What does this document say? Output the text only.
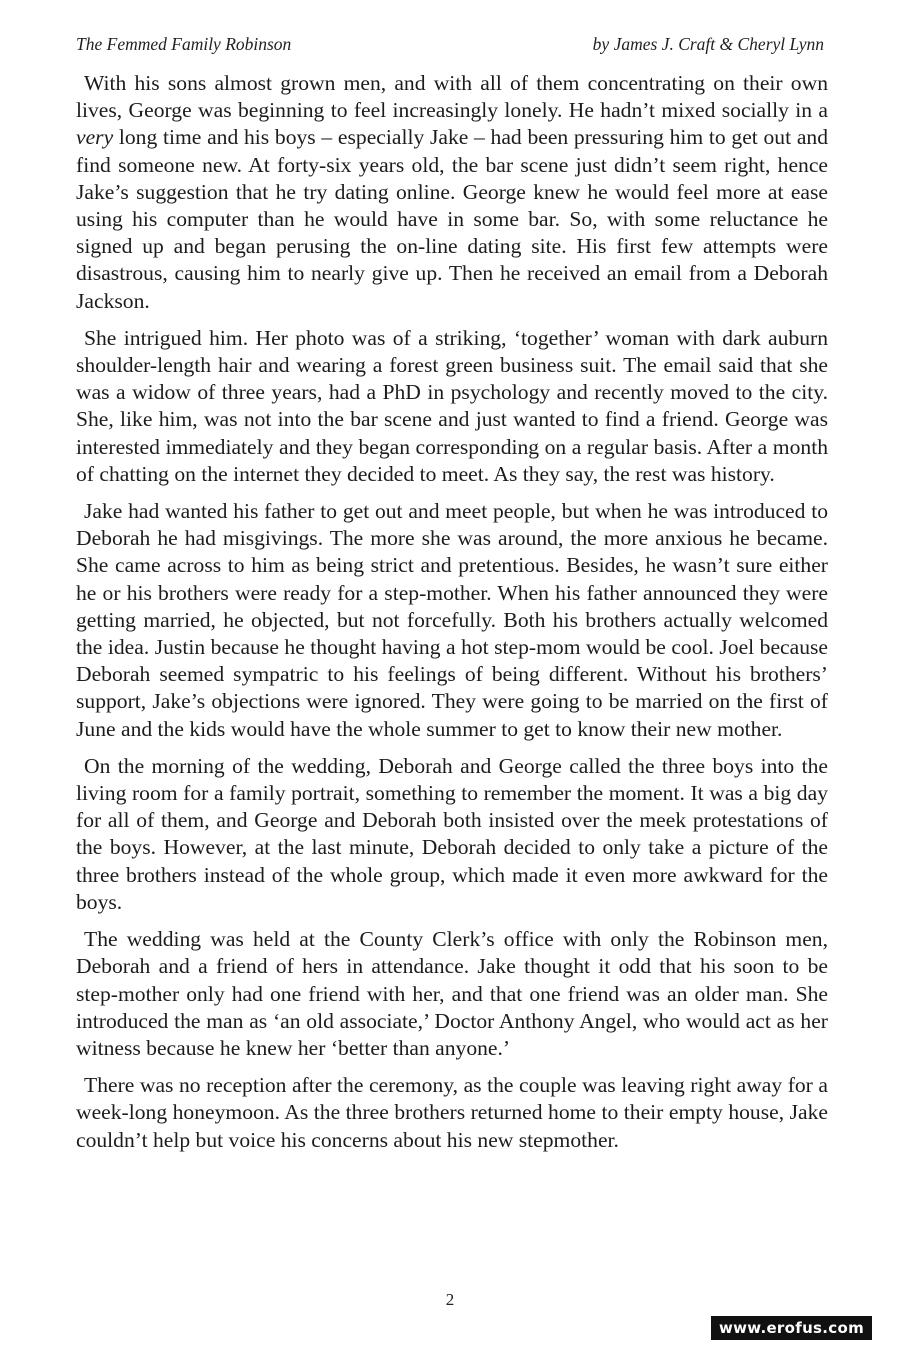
The Femmed Family Robinson	by James J. Craft & Cheryl Lynn

With his sons almost grown men, and with all of them concentrating on their own lives, George was beginning to feel increasingly lonely. He hadn’t mixed socially in a very long time and his boys – especially Jake – had been pressuring him to get out and find someone new. At forty-six years old, the bar scene just didn’t seem right, hence Jake’s suggestion that he try dating online. George knew he would feel more at ease using his computer than he would have in some bar. So, with some reluctance he signed up and began perusing the on-line dating site. His first few attempts were disastrous, causing him to nearly give up. Then he received an email from a Deborah Jackson.

She intrigued him. Her photo was of a striking, ‘together’ woman with dark auburn shoulder-length hair and wearing a forest green business suit. The email said that she was a widow of three years, had a PhD in psychology and recently moved to the city. She, like him, was not into the bar scene and just wanted to find a friend. George was interested immediately and they began corresponding on a regular basis. After a month of chatting on the internet they decided to meet. As they say, the rest was history.

Jake had wanted his father to get out and meet people, but when he was introduced to Deborah he had misgivings. The more she was around, the more anxious he became. She came across to him as being strict and pretentious. Besides, he wasn’t sure either he or his brothers were ready for a step-mother. When his father announced they were getting married, he objected, but not forcefully. Both his brothers actually welcomed the idea. Justin because he thought having a hot step-mom would be cool. Joel because Deborah seemed sympatric to his feelings of being different. Without his brothers’ support, Jake’s objections were ignored. They were going to be married on the first of June and the kids would have the whole summer to get to know their new mother.

On the morning of the wedding, Deborah and George called the three boys into the living room for a family portrait, something to remember the moment. It was a big day for all of them, and George and Deborah both insisted over the meek protestations of the boys. However, at the last minute, Deborah decided to only take a picture of the three brothers instead of the whole group, which made it even more awkward for the boys.

The wedding was held at the County Clerk’s office with only the Robinson men, Deborah and a friend of hers in attendance. Jake thought it odd that his soon to be step-mother only had one friend with her, and that one friend was an older man. She introduced the man as ‘an old associate,’ Doctor Anthony Angel, who would act as her witness because he knew her ‘better than anyone.’

There was no reception after the ceremony, as the couple was leaving right away for a week-long honeymoon. As the three brothers returned home to their empty house, Jake couldn’t help but voice his concerns about his new stepmother.

2
www.erofus.com
